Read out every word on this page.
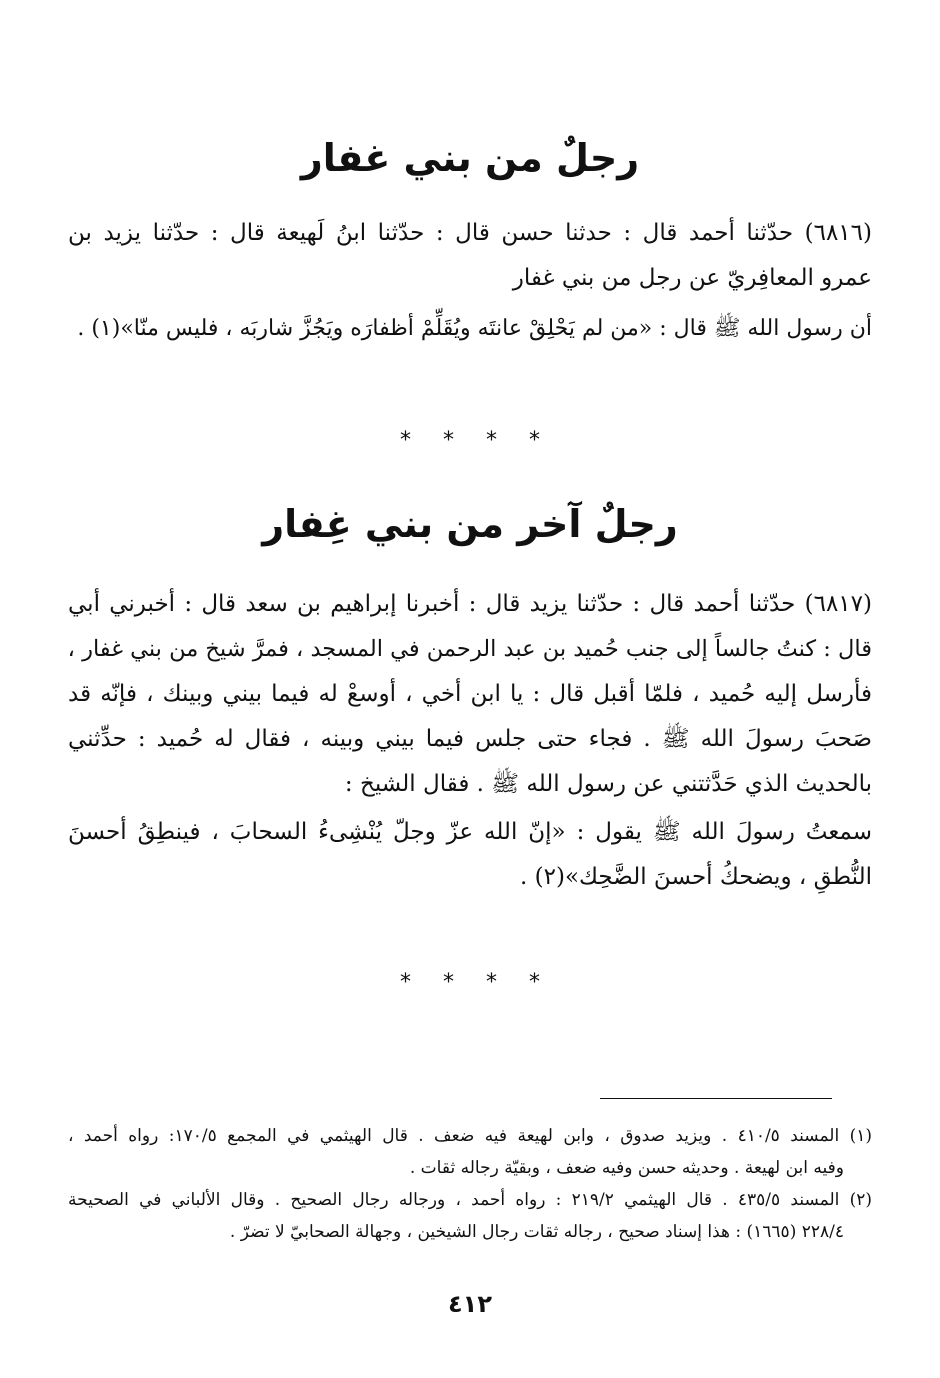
رجلٌ من بني غفار
(٦٨١٦) حدّثنا أحمد قال : حدثنا حسن قال : حدّثنا ابنُ لَهيعة قال : حدّثنا يزيد بن
عمرو المعافِريّ عن رجل من بني غفار
أن رسول الله ﷺ قال : «من لم يَحْلِقْ عانتَه ويُقَلِّمْ أظفارَه ويَجُزَّ شاربَه ، فليس منّا»(١) .
* * * *
رجلٌ آخر من بني غِفار
(٦٨١٧) حدّثنا أحمد قال : حدّثنا يزيد قال : أخبرنا إبراهيم بن سعد قال : أخبرني أبي
قال : كنتُ جالساً إلى جنب حُميد بن عبد الرحمن في المسجد ، فمرَّ شيخ من بني غفار ،
فأرسل إليه حُميد ، فلمّا أقبل قال : يا ابن أخي ، أوسعْ له فيما بيني وبينك ، فإنّه قد
صَحبَ رسولَ الله ﷺ . فجاء حتى جلس فيما بيني وبينه ، فقال له حُميد : حدِّثني
بالحديث الذي حَدَّثتني عن رسول الله ﷺ . فقال الشيخ :
سمعتُ رسولَ الله ﷺ يقول : «إنّ الله عزّ وجلّ يُنْشِىءُ السحابَ ، فينطِقُ أحسنَ
النُّطقِ ، ويضحكُ أحسنَ الضَّحِك»(٢) .
* * * *
(١) المسند ٤١٠/٥ . ويزيد صدوق ، وابن لهيعة فيه ضعف . قال الهيثمي في المجمع ١٧٠/٥: رواه أحمد ،
وفيه ابن لهيعة . وحديثه حسن وفيه ضعف ، وبقيّة رجاله ثقات .
(٢) المسند ٤٣٥/٥ . قال الهيثمي ٢١٩/٢ : رواه أحمد ، ورجاله رجال الصحيح . وقال الألباني في الصحيحة
٢٢٨/٤ (١٦٦٥) : هذا إسناد صحيح ، رجاله ثقات رجال الشيخين ، وجهالة الصحابيّ لا تضرّ .
٤١٢
